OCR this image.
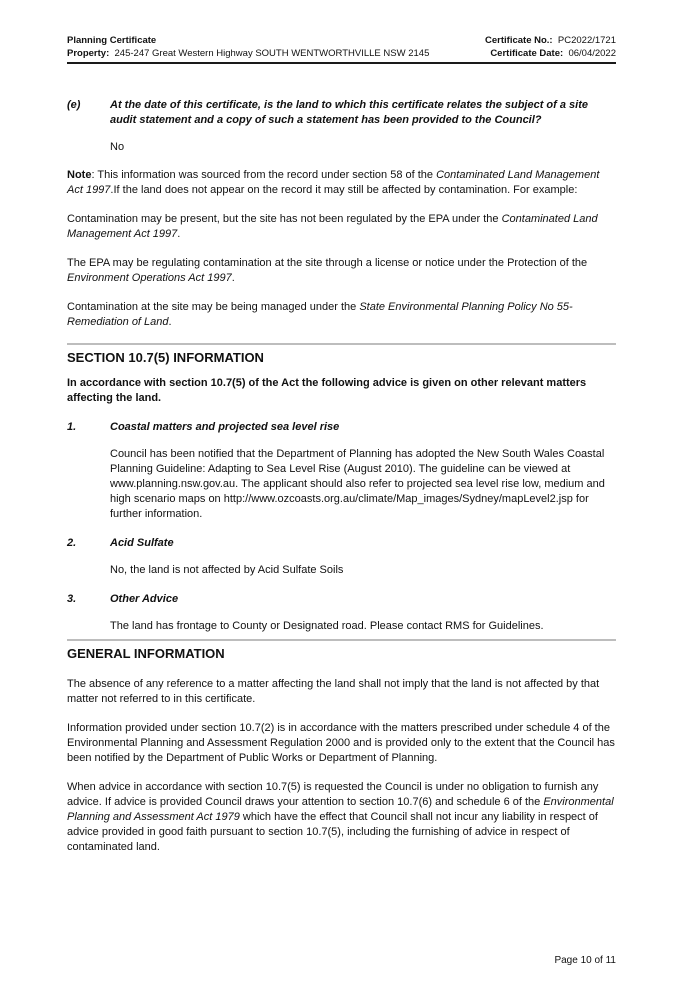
Planning Certificate	Certificate No.: PC2022/1721
Property: 245-247 Great Western Highway SOUTH WENTWORTHVILLE NSW 2145	Certificate Date: 06/04/2022
(e)	At the date of this certificate, is the land to which this certificate relates the subject of a site audit statement and a copy of such a statement has been provided to the Council?

No

Note: This information was sourced from the record under section 58 of the Contaminated Land Management Act 1997.If the land does not appear on the record it may still be affected by contamination. For example:

Contamination may be present, but the site has not been regulated by the EPA under the Contaminated Land Management Act 1997.

The EPA may be regulating contamination at the site through a license or notice under the Protection of the Environment Operations Act 1997.

Contamination at the site may be being managed under the State Environmental Planning Policy No 55-Remediation of Land.

SECTION 10.7(5) INFORMATION

In accordance with section 10.7(5) of the Act the following advice is given on other relevant matters affecting the land.

1.	Coastal matters and projected sea level rise

Council has been notified that the Department of Planning has adopted the New South Wales Coastal Planning Guideline: Adapting to Sea Level Rise (August 2010). The guideline can be viewed at www.planning.nsw.gov.au. The applicant should also refer to projected sea level rise low, medium and high scenario maps on http://www.ozcoasts.org.au/climate/Map_images/Sydney/mapLevel2.jsp for further information.

2.	Acid Sulfate

No, the land is not affected by Acid Sulfate Soils

3.	Other Advice

The land has frontage to County or Designated road. Please contact RMS for Guidelines.

GENERAL INFORMATION

The absence of any reference to a matter affecting the land shall not imply that the land is not affected by that matter not referred to in this certificate.

Information provided under section 10.7(2) is in accordance with the matters prescribed under schedule 4 of the Environmental Planning and Assessment Regulation 2000 and is provided only to the extent that the Council has been notified by the Department of Public Works or Department of Planning.

When advice in accordance with section 10.7(5) is requested the Council is under no obligation to furnish any advice. If advice is provided Council draws your attention to section 10.7(6) and schedule 6 of the Environmental Planning and Assessment Act 1979 which have the effect that Council shall not incur any liability in respect of advice provided in good faith pursuant to section 10.7(5), including the furnishing of advice in respect of contaminated land.

Page 10 of 11
